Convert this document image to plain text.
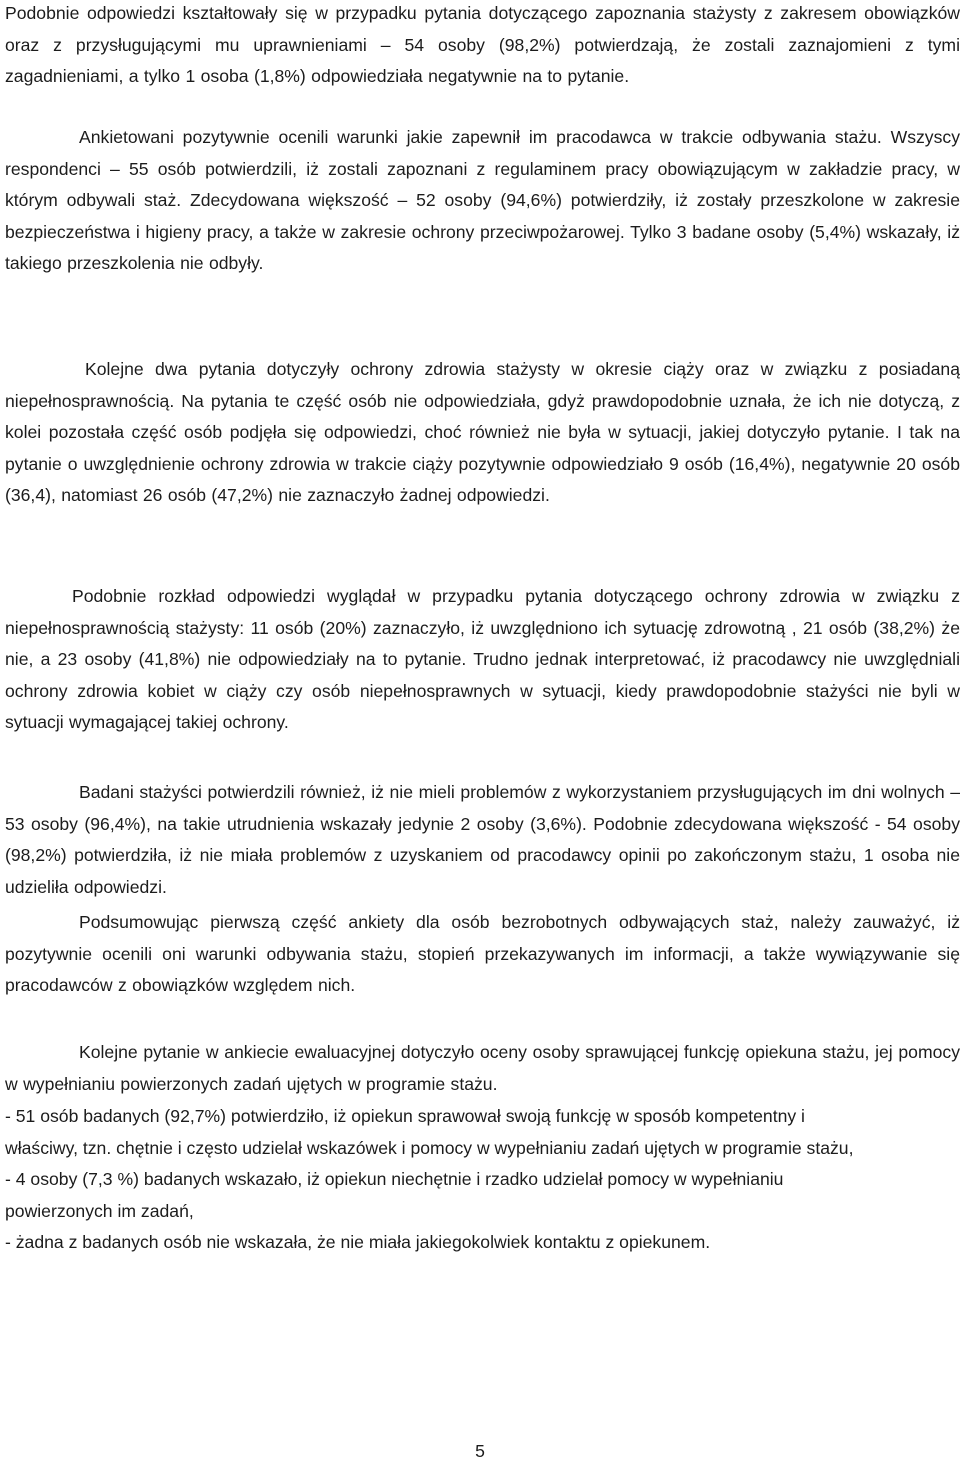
Podobnie odpowiedzi kształtowały się w przypadku pytania dotyczącego zapoznania stażysty z zakresem obowiązków oraz z przysługującymi mu uprawnieniami – 54 osoby (98,2%) potwierdzają, że zostali zaznajomieni z tymi zagadnieniami, a tylko 1 osoba (1,8%) odpowiedziała negatywnie na to pytanie.

Ankietowani pozytywnie ocenili warunki jakie zapewnił im pracodawca w trakcie odbywania stażu. Wszyscy respondenci – 55 osób potwierdzili, iż zostali zapoznani z regulaminem pracy obowiązującym w zakładzie pracy, w którym odbywali staż. Zdecydowana większość – 52 osoby (94,6%) potwierdziły, iż zostały przeszkolone w zakresie bezpieczeństwa i higieny pracy, a także w zakresie ochrony przeciwpożarowej. Tylko 3 badane osoby (5,4%) wskazały, iż takiego przeszkolenia nie odbyły.

Kolejne dwa pytania dotyczyły ochrony zdrowia stażysty w okresie ciąży oraz w związku z posiadaną niepełnosprawnością. Na pytania te część osób nie odpowiedziała, gdyż prawdopodobnie uznała, że ich nie dotyczą, z kolei pozostała część osób podjęła się odpowiedzi, choć również nie była w sytuacji, jakiej dotyczyło pytanie. I tak na pytanie o uwzględnienie ochrony zdrowia w trakcie ciąży pozytywnie odpowiedziało 9 osób (16,4%), negatywnie 20 osób (36,4), natomiast 26 osób (47,2%) nie zaznaczyło żadnej odpowiedzi.

Podobnie rozkład odpowiedzi wyglądał w przypadku pytania dotyczącego ochrony zdrowia w związku z niepełnosprawnością stażysty: 11 osób (20%) zaznaczyło, iż uwzględniono ich sytuację zdrowotną , 21 osób (38,2%) że nie, a 23 osoby (41,8%) nie odpowiedziały na to pytanie. Trudno jednak interpretować, iż pracodawcy nie uwzględniali ochrony zdrowia kobiet w ciąży czy osób niepełnosprawnych w sytuacji, kiedy prawdopodobnie stażyści nie byli w sytuacji wymagającej takiej ochrony.

Badani stażyści potwierdzili również, iż nie mieli problemów z wykorzystaniem przysługujących im dni wolnych – 53 osoby (96,4%), na takie utrudnienia wskazały jedynie 2 osoby (3,6%). Podobnie zdecydowana większość - 54 osoby (98,2%) potwierdziła, iż nie miała problemów z uzyskaniem od pracodawcy opinii po zakończonym stażu, 1 osoba nie udzieliła odpowiedzi.

Podsumowując pierwszą część ankiety dla osób bezrobotnych odbywających staż, należy zauważyć, iż pozytywnie ocenili oni warunki odbywania stażu, stopień przekazywanych im informacji, a także wywiązywanie się pracodawców z obowiązków względem nich.

Kolejne pytanie w ankiecie ewaluacyjnej dotyczyło oceny osoby sprawującej funkcję opiekuna stażu, jej pomocy w wypełnianiu powierzonych zadań ujętych w programie stażu.

- 51 osób badanych (92,7%) potwierdziło, iż opiekun sprawował swoją funkcję w sposób kompetentny i właściwy, tzn. chętnie i często udzielał wskazówek i pomocy w wypełnianiu zadań ujętych w programie stażu,
- 4 osoby (7,3 %) badanych wskazało, iż opiekun niechętnie i rzadko udzielał pomocy w wypełnianiu powierzonych im zadań,
- żadna z badanych osób nie wskazała, że nie miała jakiegokolwiek kontaktu z opiekunem.
5
